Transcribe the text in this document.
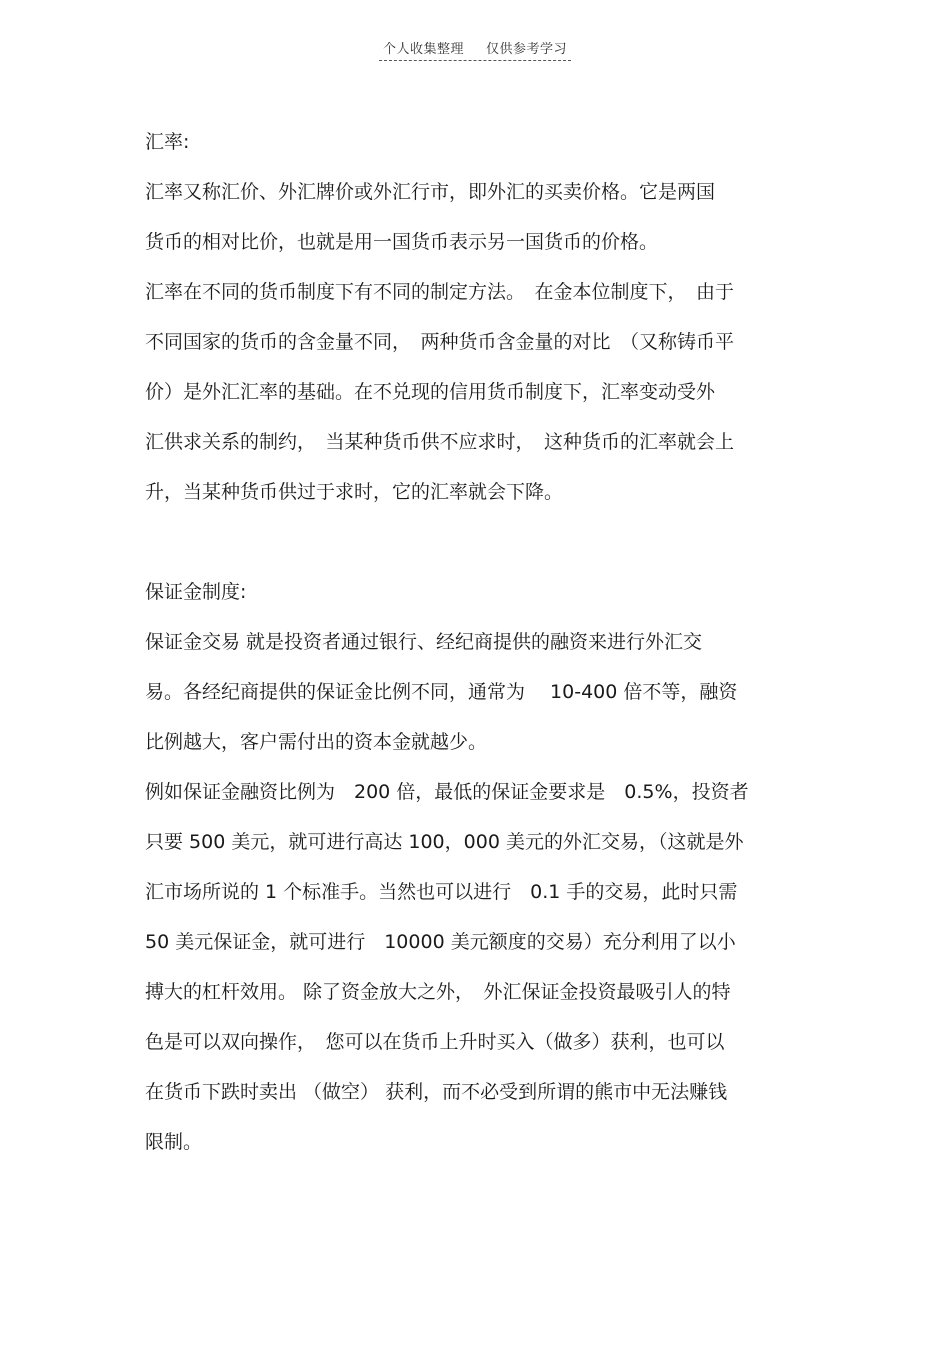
个人收集整理 仅供参考学习
汇率:
汇率又称汇价、外汇牌价或外汇行市，即外汇的买卖价格。它是两国
货币的相对比价，也就是用一国货币表示另一国货币的价格。
汇率在不同的货币制度下有不同的制定方法。　在金本位制度下，　由于
不同国家的货币的含金量不同，　两种货币含金量的对比　（又称铸币平
价）是外汇汇率的基础。在不兑现的信用货币制度下，汇率变动受外
汇供求关系的制约，　当某种货币供不应求时，　这种货币的汇率就会上
升，当某种货币供过于求时，它的汇率就会下降。
保证金制度:
保证金交易 就是投资者通过银行、经纪商提供的融资来进行外汇交
易。各经纪商提供的保证金比例不同，通常为　 10-400 倍不等，融资
比例越大，客户需付出的资本金就越少。
例如保证金融资比例为　200 倍，最低的保证金要求是　0.5%，投资者
只要 500 美元，就可进行高达 100，000 美元的外汇交易，（这就是外
汇市场所说的 1 个标准手。当然也可以进行　0.1 手的交易，此时只需
50 美元保证金，就可进行　10000 美元额度的交易）充分利用了以小
搏大的杠杆效用。 除了资金放大之外，　外汇保证金投资最吸引人的特
色是可以双向操作，　您可以在货币上升时买入（做多）获利，也可以
在货币下跌时卖出 （做空） 获利，而不必受到所谓的熊市中无法赚钱
限制。
